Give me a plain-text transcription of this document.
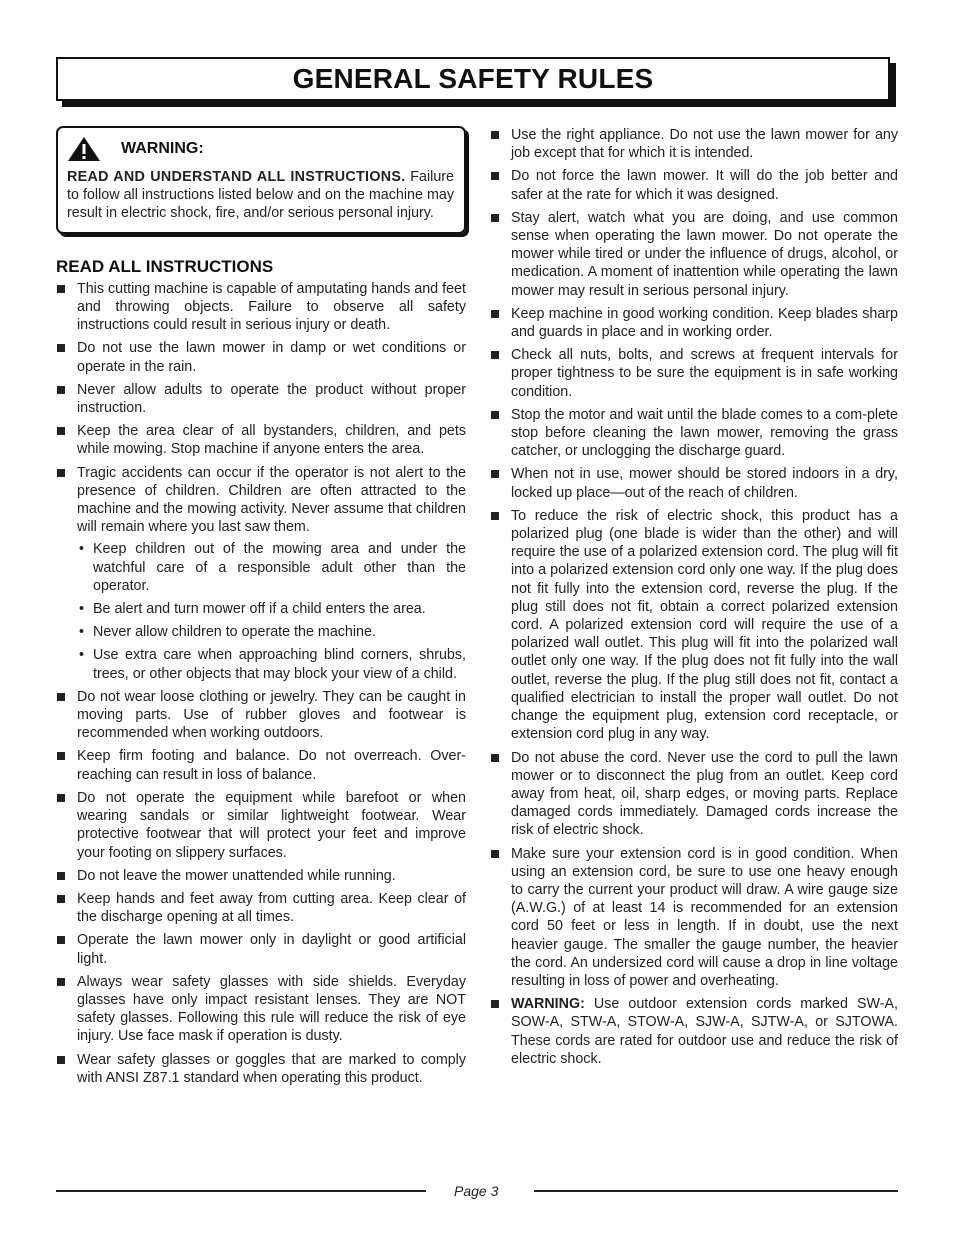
GENERAL SAFETY RULES
WARNING:
READ AND UNDERSTAND ALL INSTRUCTIONS. Failure to follow all instructions listed below and on the machine may result in electric shock, fire, and/or serious personal injury.
READ ALL INSTRUCTIONS
This cutting machine is capable of amputating hands and feet and throwing objects. Failure to observe all safety instructions could result in serious injury or death.
Do not use the lawn mower in damp or wet conditions or operate in the rain.
Never allow adults to operate the product without proper instruction.
Keep the area clear of all bystanders, children, and pets while mowing. Stop machine if anyone enters the area.
Tragic accidents can occur if the operator is not alert to the presence of children. Children are often attracted to the machine and the mowing activity. Never assume that children will remain where you last saw them.
• Keep children out of the mowing area and under the watchful care of a responsible adult other than the operator.
• Be alert and turn mower off if a child enters the area.
• Never allow children to operate the machine.
• Use extra care when approaching blind corners, shrubs, trees, or other objects that may block your view of a child.
Do not wear loose clothing or jewelry. They can be caught in moving parts. Use of rubber gloves and footwear is recommended when working outdoors.
Keep firm footing and balance. Do not overreach. Over-reaching can result in loss of balance.
Do not operate the equipment while barefoot or when wearing sandals or similar lightweight footwear. Wear protective footwear that will protect your feet and improve your footing on slippery surfaces.
Do not leave the mower unattended while running.
Keep hands and feet away from cutting area. Keep clear of the discharge opening at all times.
Operate the lawn mower only in daylight or good artificial light.
Always wear safety glasses with side shields. Everyday glasses have only impact resistant lenses. They are NOT safety glasses. Following this rule will reduce the risk of eye injury. Use face mask if operation is dusty.
Wear safety glasses or goggles that are marked to comply with ANSI Z87.1 standard when operating this product.
Use the right appliance. Do not use the lawn mower for any job except that for which it is intended.
Do not force the lawn mower. It will do the job better and safer at the rate for which it was designed.
Stay alert, watch what you are doing, and use common sense when operating the lawn mower. Do not operate the mower while tired or under the influence of drugs, alcohol, or medication. A moment of inattention while operating the lawn mower may result in serious personal injury.
Keep machine in good working condition. Keep blades sharp and guards in place and in working order.
Check all nuts, bolts, and screws at frequent intervals for proper tightness to be sure the equipment is in safe working condition.
Stop the motor and wait until the blade comes to a com-plete stop before cleaning the lawn mower, removing the grass catcher, or unclogging the discharge guard.
When not in use, mower should be stored indoors in a dry, locked up place—out of the reach of children.
To reduce the risk of electric shock, this product has a polarized plug (one blade is wider than the other) and will require the use of a polarized extension cord. The plug will fit into a polarized extension cord only one way. If the plug does not fit fully into the extension cord, reverse the plug. If the plug still does not fit, obtain a correct polarized extension cord. A polarized extension cord will require the use of a polarized wall outlet. This plug will fit into the polarized wall outlet only one way. If the plug does not fit fully into the wall outlet, reverse the plug. If the plug still does not fit, contact a qualified electrician to install the proper wall outlet. Do not change the equipment plug, extension cord receptacle, or extension cord plug in any way.
Do not abuse the cord. Never use the cord to pull the lawn mower or to disconnect the plug from an outlet. Keep cord away from heat, oil, sharp edges, or moving parts. Replace damaged cords immediately. Damaged cords increase the risk of electric shock.
Make sure your extension cord is in good condition. When using an extension cord, be sure to use one heavy enough to carry the current your product will draw. A wire gauge size (A.W.G.) of at least 14 is recommended for an extension cord 50 feet or less in length. If in doubt, use the next heavier gauge. The smaller the gauge number, the heavier the cord. An undersized cord will cause a drop in line voltage resulting in loss of power and overheating.
WARNING: Use outdoor extension cords marked SW-A, SOW-A, STW-A, STOW-A, SJW-A, SJTW-A, or SJTOWA. These cords are rated for outdoor use and reduce the risk of electric shock.
Page 3
